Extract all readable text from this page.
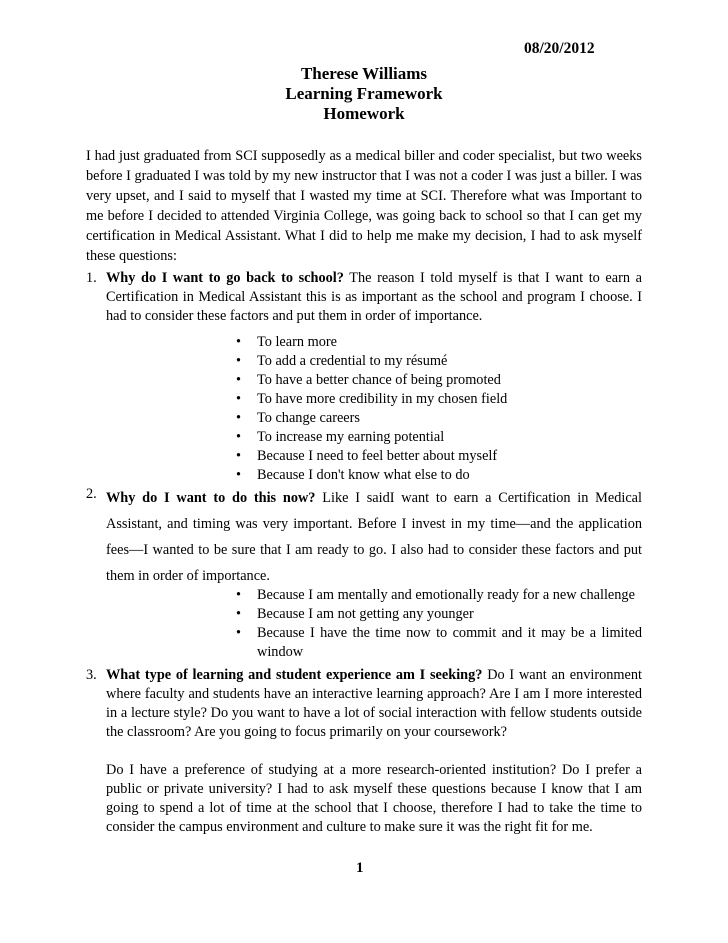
08/20/2012
Therese Williams
Learning Framework
Homework

I had just graduated from SCI supposedly as a medical biller and coder specialist, but two weeks before I graduated I was told by my new instructor that I was not a coder I was just a biller. I was very upset, and I said to myself that I wasted my time at SCI. Therefore what was Important to me before I decided to attended Virginia College, was going back to school so that I can get my certification in Medical Assistant. What I did to help me make my decision, I had to ask myself these questions:

1. Why do I want to go back to school? The reason I told myself is that I want to earn a Certification in Medical Assistant this is as important as the school and program I choose. I had to consider these factors and put them in order of importance.
• To learn more
• To add a credential to my résumé
• To have a better chance of being promoted
• To have more credibility in my chosen field
• To change careers
• To increase my earning potential
• Because I need to feel better about myself
• Because I don't know what else to do
2. Why do I want to do this now? Like I saidI want to earn a Certification in Medical Assistant, and timing was very important. Before I invest in my time—and the application fees—I wanted to be sure that I am ready to go. I also had to consider these factors and put them in order of importance.
• Because I am mentally and emotionally ready for a new challenge
• Because I am not getting any younger
• Because I have the time now to commit and it may be a limited window
3. What type of learning and student experience am I seeking? Do I want an environment where faculty and students have an interactive learning approach? Are I am I more interested in a lecture style? Do you want to have a lot of social interaction with fellow students outside the classroom? Are you going to focus primarily on your coursework?

Do I have a preference of studying at a more research-oriented institution? Do I prefer a public or private university? I had to ask myself these questions because I know that I am going to spend a lot of time at the school that I choose, therefore I had to take the time to consider the campus environment and culture to make sure it was the right fit for me.

1
